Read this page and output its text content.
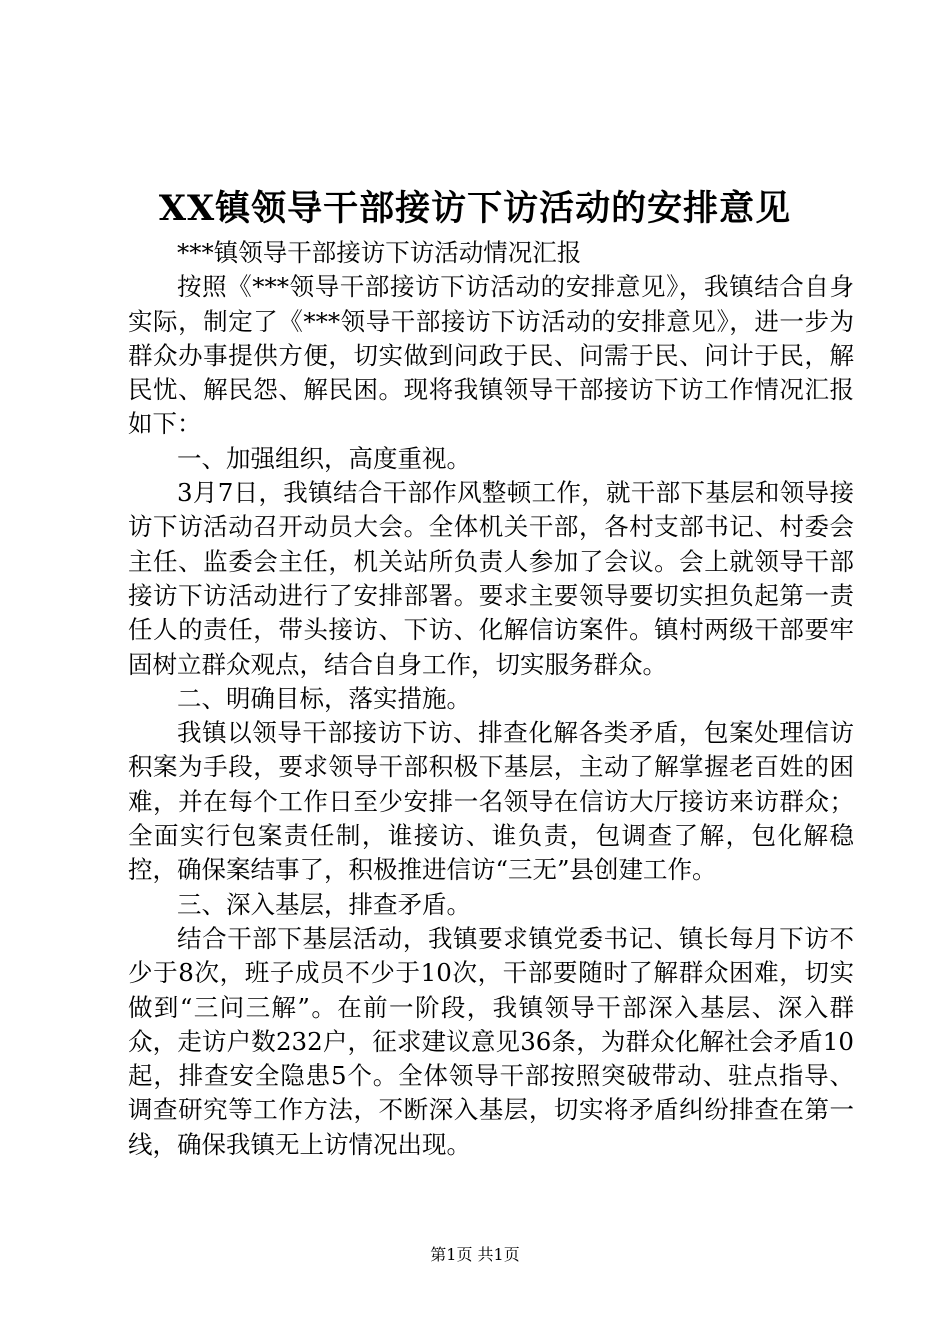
XX镇领导干部接访下访活动的安排意见

***镇领导干部接访下访活动情况汇报

按照《***领导干部接访下访活动的安排意见》，我镇结合自身实际，制定了《***领导干部接访下访活动的安排意见》，进一步为群众办事提供方便，切实做到问政于民、问需于民、问计于民，解民忧、解民怨、解民困。现将我镇领导干部接访下访工作情况汇报如下：

一、加强组织，高度重视。

3月7日，我镇结合干部作风整顿工作，就干部下基层和领导接访下访活动召开动员大会。全体机关干部，各村支部书记、村委会主任、监委会主任，机关站所负责人参加了会议。会上就领导干部接访下访活动进行了安排部署。要求主要领导要切实担负起第一责任人的责任，带头接访、下访、化解信访案件。镇村两级干部要牢固树立群众观点，结合自身工作，切实服务群众。

二、明确目标，落实措施。

我镇以领导干部接访下访、排查化解各类矛盾，包案处理信访积案为手段，要求领导干部积极下基层，主动了解掌握老百姓的困难，并在每个工作日至少安排一名领导在信访大厅接访来访群众；全面实行包案责任制，谁接访、谁负责，包调查了解，包化解稳控，确保案结事了，积极推进信访“三无”县创建工作。

三、深入基层，排查矛盾。

结合干部下基层活动，我镇要求镇党委书记、镇长每月下访不少于8次，班子成员不少于10次，干部要随时了解群众困难，切实做到“三问三解”。在前一阶段，我镇领导干部深入基层、深入群众，走访户数232户，征求建议意见36条，为群众化解社会矛盾10起，排查安全隐患5个。全体领导干部按照突破带动、驻点指导、调查研究等工作方法，不断深入基层，切实将矛盾纠纷排查在第一线，确保我镇无上访情况出现。

第1页 共1页
